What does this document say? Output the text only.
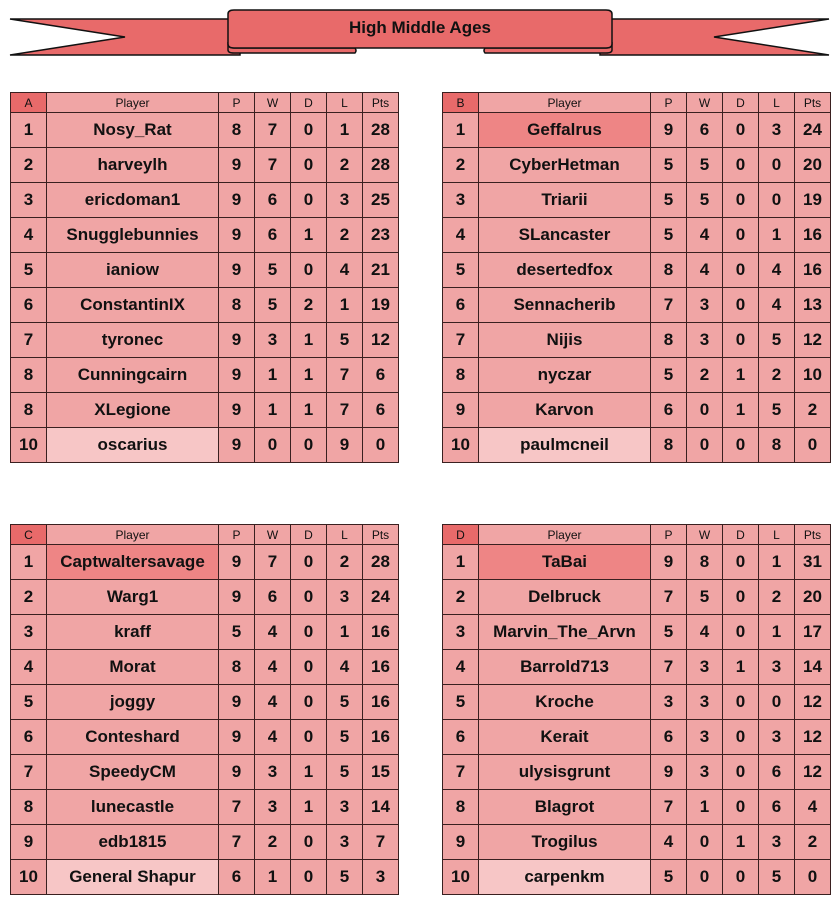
High Middle Ages
A	Player	P	W	D	L	Pts
1	Nosy_Rat	8	7	0	1	28
2	harveylh	9	7	0	2	28
3	ericdoman1	9	6	0	3	25
4	Snugglebunnies	9	6	1	2	23
5	ianiow	9	5	0	4	21
6	ConstantinIX	8	5	2	1	19
7	tyronec	9	3	1	5	12
8	Cunningcairn	9	1	1	7	6
8	XLegione	9	1	1	7	6
10	oscarius	9	0	0	9	0
B	Player	P	W	D	L	Pts
1	Geffalrus	9	6	0	3	24
2	CyberHetman	5	5	0	0	20
3	Triarii	5	5	0	0	19
4	SLancaster	5	4	0	1	16
5	desertedfox	8	4	0	4	16
6	Sennacherib	7	3	0	4	13
7	Nijis	8	3	0	5	12
8	nyczar	5	2	1	2	10
9	Karvon	6	0	1	5	2
10	paulmcneil	8	0	0	8	0
C	Player	P	W	D	L	Pts
1	Captwaltersavage	9	7	0	2	28
2	Warg1	9	6	0	3	24
3	kraff	5	4	0	1	16
4	Morat	8	4	0	4	16
5	joggy	9	4	0	5	16
6	Conteshard	9	4	0	5	16
7	SpeedyCM	9	3	1	5	15
8	lunecastle	7	3	1	3	14
9	edb1815	7	2	0	3	7
10	General Shapur	6	1	0	5	3
D	Player	P	W	D	L	Pts
1	TaBai	9	8	0	1	31
2	Delbruck	7	5	0	2	20
3	Marvin_The_Arvn	5	4	0	1	17
4	Barrold713	7	3	1	3	14
5	Kroche	3	3	0	0	12
6	Kerait	6	3	0	3	12
7	ulysisgrunt	9	3	0	6	12
8	Blagrot	7	1	0	6	4
9	Trogilus	4	0	1	3	2
10	carpenkm	5	0	0	5	0
